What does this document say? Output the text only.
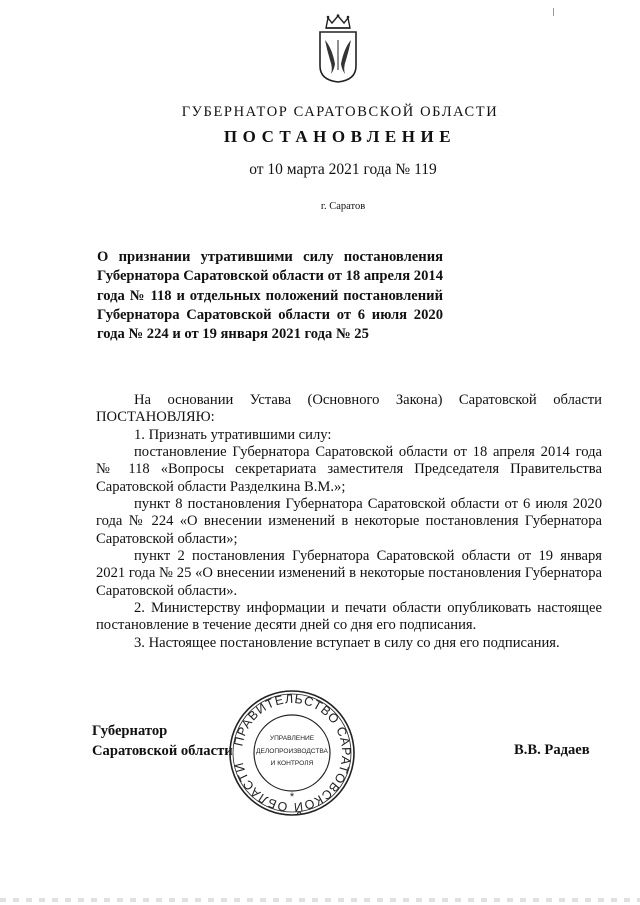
ГУБЕРНАТОР САРАТОВСКОЙ ОБЛАСТИ
ПОСТАНОВЛЕНИЕ
от 10 марта 2021 года № 119
г. Саратов
О признании утратившими силу постановления Губернатора Саратовской области от 18 апреля 2014 года № 118 и отдельных положений постановлений Губернатора Саратовской области от 6 июля 2020 года № 224 и от 19 января 2021 года № 25

На основании Устава (Основного Закона) Саратовской области ПОСТАНОВЛЯЮ:

1. Признать утратившими силу:

постановление Губернатора Саратовской области от 18 апреля 2014 года № 118 «Вопросы секретариата заместителя Председателя Правительства Саратовской области Разделкина В.М.»;

пункт 8 постановления Губернатора Саратовской области от 6 июля 2020 года № 224 «О внесении изменений в некоторые постановления Губернатора Саратовской области»;

пункт 2 постановления Губернатора Саратовской области от 19 января 2021 года № 25 «О внесении изменений в некоторые постановления Губернатора Саратовской области».

2. Министерству информации и печати области опубликовать настоящее постановление в течение десяти дней со дня его подписания.

3. Настоящее постановление вступает в силу со дня его подписания.

Губернатор
Саратовской области	В.В. Радаев
ПРАВИТЕЛЬСТВО САРАТОВСКОЙ ОБЛАСТИ
УПРАВЛЕНИЕ
ДЕЛОПРОИЗВОДСТВА
И КОНТРОЛЯ
*
